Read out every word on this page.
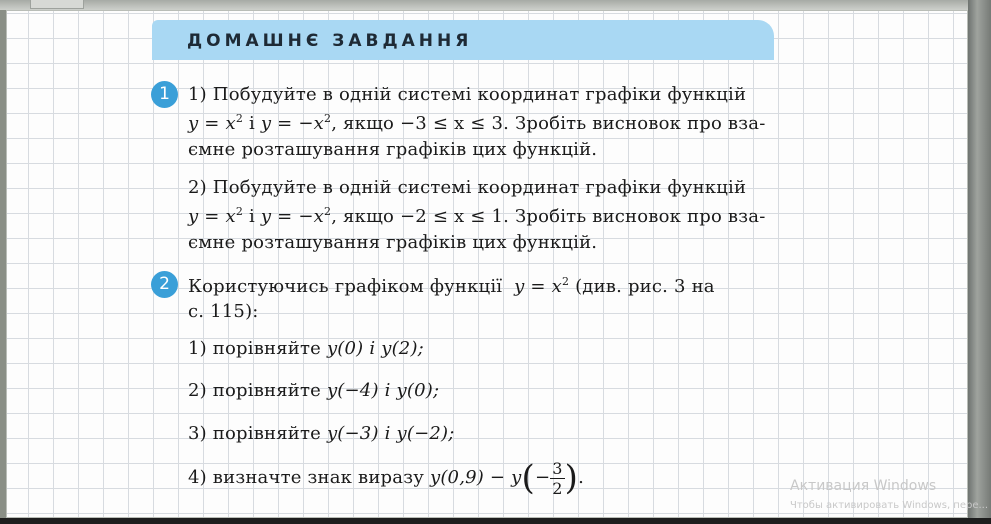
ДОМАШНЄ ЗАВДАННЯ
1	1) Побудуйте в одній системі координат графіки функцій
$y = x^2$ і $y = -x^2$, якщо −3 ≤ x ≤ 3. Зробіть висновок про вза-
ємне розташування графіків цих функцій.
2) Побудуйте в одній системі координат графіки функцій
$y = x^2$ і $y = -x^2$, якщо −2 ≤ x ≤ 1. Зробіть висновок про вза-
ємне розташування графіків цих функцій.
2	Користуючись графіком функції $y = x^2$ (див. рис. 3 на
с. 115):
1) порівняйте y(0) і y(2);
2) порівняйте y(−4) і y(0);
3) порівняйте y(−3) і y(−2);
4) визначте знак виразу $y(0,9) - y(- \frac{3}{2}$ ).	Активация Windows
Чтобы активировать Windows, пере...
